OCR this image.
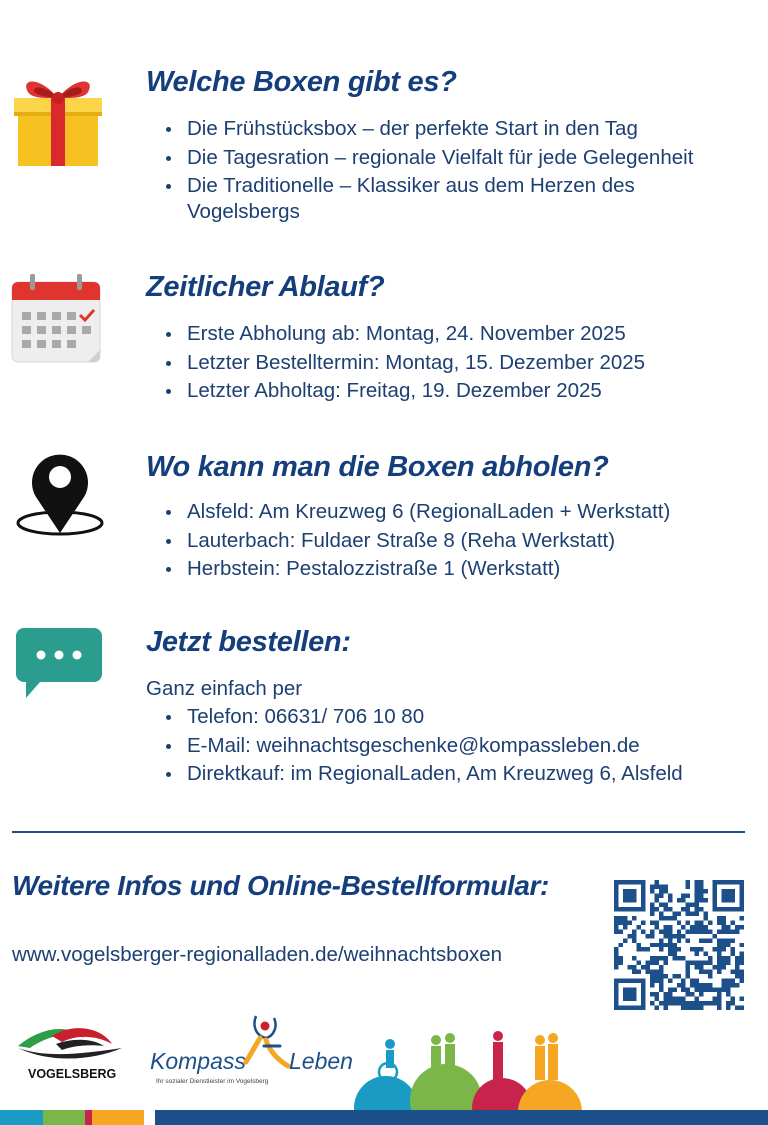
Welche Boxen gibt es?
Die Frühstücksbox – der perfekte Start in den Tag
Die Tagesration – regionale Vielfalt für jede Gelegenheit
Die Traditionelle – Klassiker aus dem Herzen des
Vogelsbergs
Zeitlicher Ablauf?
Erste Abholung ab: Montag, 24. November 2025
Letzter Bestelltermin: Montag, 15. Dezember 2025
Letzter Abholtag: Freitag, 19. Dezember 2025
Wo kann man die Boxen abholen?
Alsfeld: Am Kreuzweg 6 (RegionalLaden + Werkstatt)
Lauterbach: Fuldaer Straße 8 (Reha Werkstatt)
Herbstein: Pestalozzistraße 1 (Werkstatt)
Jetzt bestellen:
Ganz einfach per
Telefon: 06631/ 706 10 80
E-Mail: weihnachtsgeschenke@kompassleben.de
Direktkauf: im RegionalLaden, Am Kreuzweg 6, Alsfeld
Weitere Infos und Online-Bestellformular:
www.vogelsberger-regionalladen.de/weihnachtsboxen
VOGELSBERG	Kompass Leben
Ihr sozialer Dienstleister im Vogelsberg
